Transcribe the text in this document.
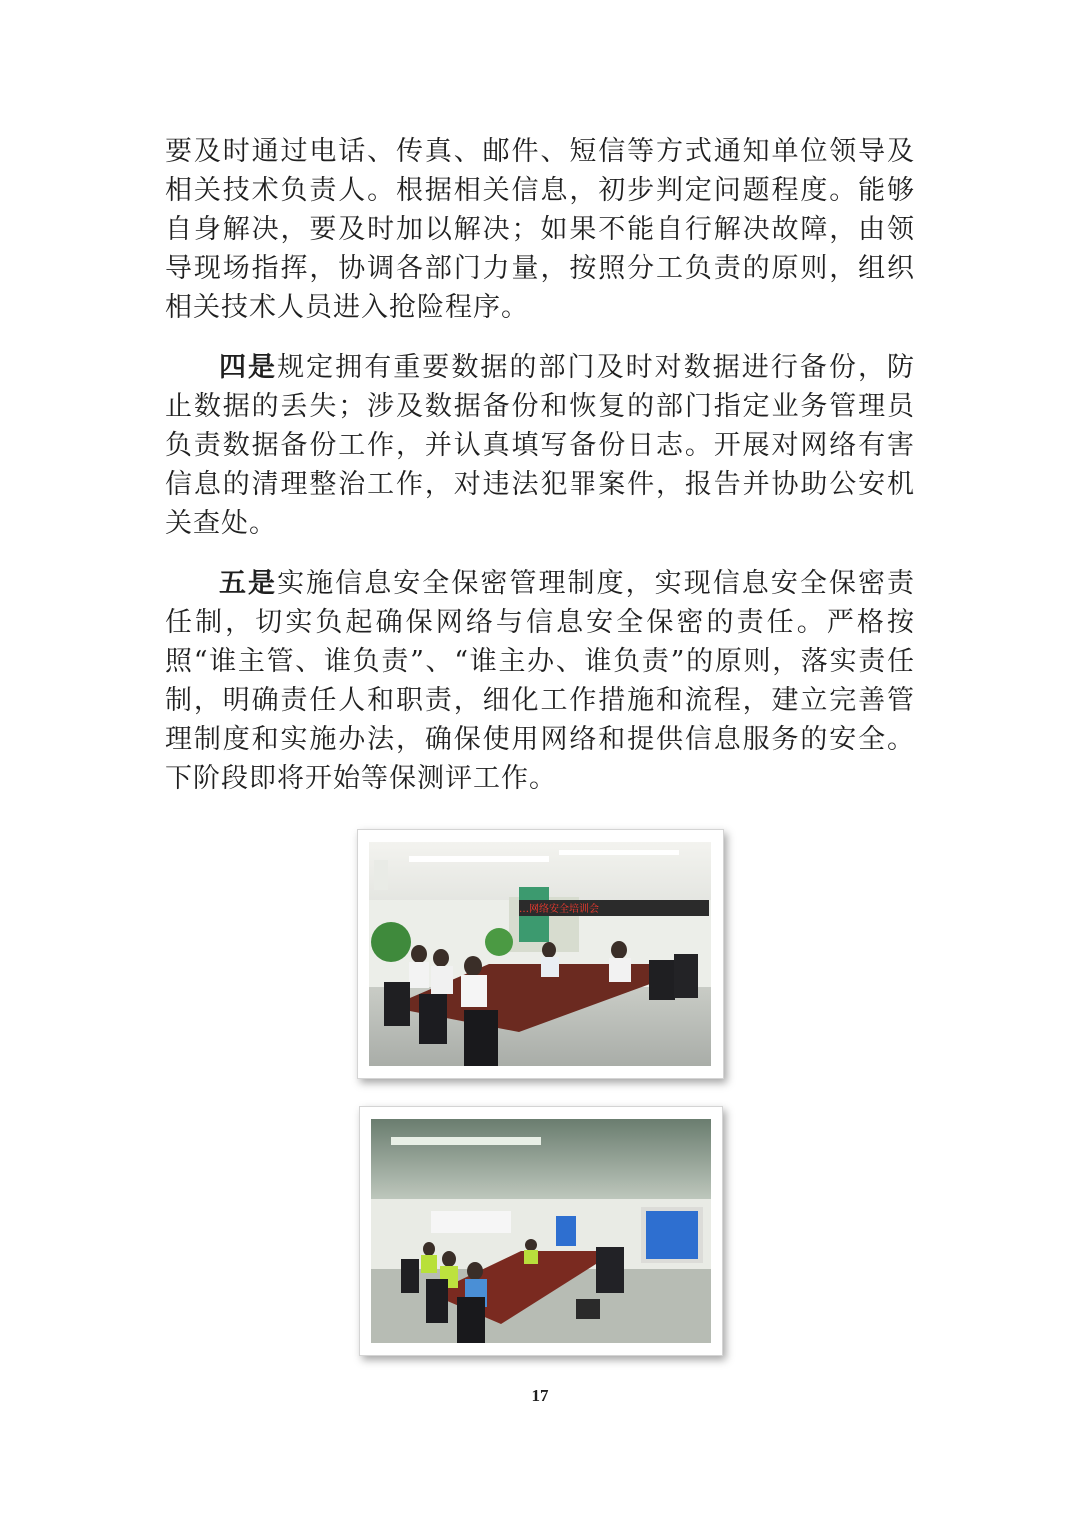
要及时通过电话、传真、邮件、短信等方式通知单位领导及相关技术负责人。根据相关信息，初步判定问题程度。能够自身解决，要及时加以解决；如果不能自行解决故障，由领导现场指挥，协调各部门力量，按照分工负责的原则，组织相关技术人员进入抢险程序。
四是规定拥有重要数据的部门及时对数据进行备份，防止数据的丢失；涉及数据备份和恢复的部门指定业务管理员负责数据备份工作，并认真填写备份日志。开展对网络有害信息的清理整治工作，对违法犯罪案件，报告并协助公安机关查处。
五是实施信息安全保密管理制度，实现信息安全保密责任制，切实负起确保网络与信息安全保密的责任。严格按照“谁主管、谁负责”、“谁主办、谁负责”的原则，落实责任制，明确责任人和职责，细化工作措施和流程，建立完善管理制度和实施办法，确保使用网络和提供信息服务的安全。下阶段即将开始等保测评工作。
…网络安全培训会
17
